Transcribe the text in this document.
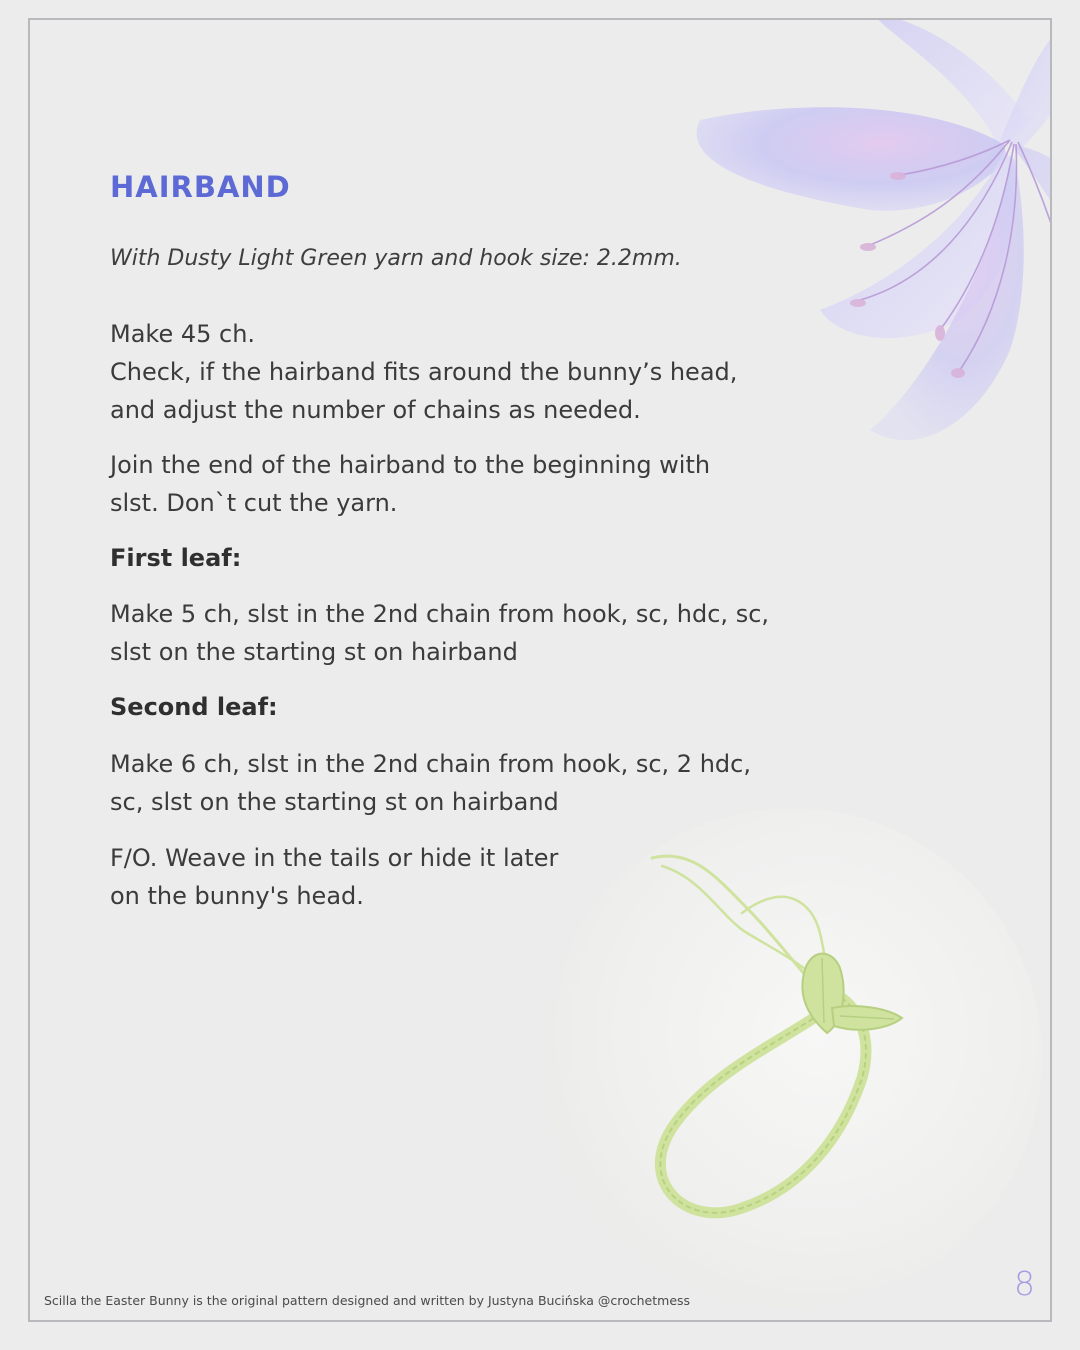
HAIRBAND

With Dusty Light Green yarn and hook size: 2.2mm.

Make 45 ch.

Check, if the hairband fits around the bunny’s head,
and adjust the number of chains as needed.
Join the end of the hairband to the beginning with
slst. Don`t cut the yarn.
First leaf:
Make 5 ch, slst in the 2nd chain from hook, sc, hdc, sc,
slst on the starting st on hairband
Second leaf:
Make 6 ch, slst in the 2nd chain from hook, sc, 2 hdc,
sc, slst on the starting st on hairband
F/O. Weave in the tails or hide it later
on the bunny's head.

Scilla the Easter Bunny is the original pattern designed and written by Justyna Bucińska @crochetmess	8
